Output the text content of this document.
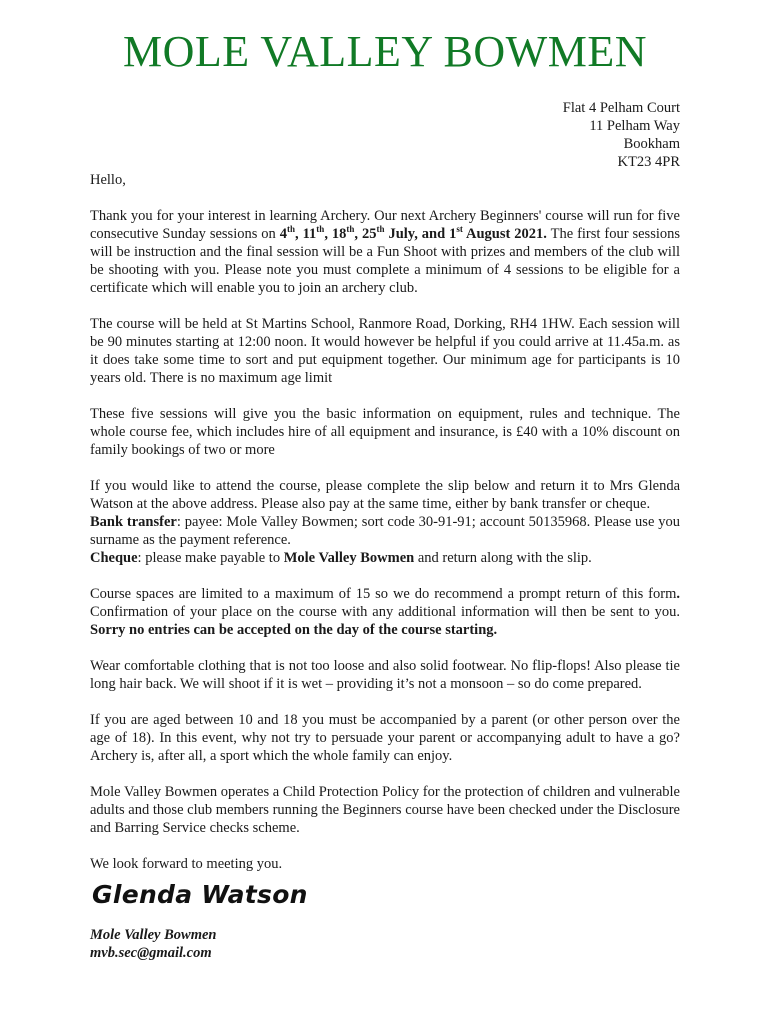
MOLE VALLEY BOWMEN
Flat 4 Pelham Court
11 Pelham Way
Bookham
KT23 4PR

Hello,

Thank you for your interest in learning Archery. Our next Archery Beginners' course will run for five consecutive Sunday sessions on 4th, 11th, 18th, 25th July, and 1st August 2021. The first four sessions will be instruction and the final session will be a Fun Shoot with prizes and members of the club will be shooting with you. Please note you must complete a minimum of 4 sessions to be eligible for a certificate which will enable you to join an archery club.

The course will be held at St Martins School, Ranmore Road, Dorking, RH4 1HW. Each session will be 90 minutes starting at 12:00 noon. It would however be helpful if you could arrive at 11.45a.m. as it does take some time to sort and put equipment together. Our minimum age for participants is 10 years old. There is no maximum age limit

These five sessions will give you the basic information on equipment, rules and technique. The whole course fee, which includes hire of all equipment and insurance, is £40 with a 10% discount on family bookings of two or more

If you would like to attend the course, please complete the slip below and return it to Mrs Glenda Watson at the above address. Please also pay at the same time, either by bank transfer or cheque.

Bank transfer: payee: Mole Valley Bowmen; sort code 30-91-91; account 50135968. Please use you surname as the payment reference.

Cheque: please make payable to Mole Valley Bowmen and return along with the slip.

Course spaces are limited to a maximum of 15 so we do recommend a prompt return of this form. Confirmation of your place on the course with any additional information will then be sent to you. Sorry no entries can be accepted on the day of the course starting.

Wear comfortable clothing that is not too loose and also solid footwear. No flip-flops! Also please tie long hair back. We will shoot if it is wet – providing it’s not a monsoon – so do come prepared.

If you are aged between 10 and 18 you must be accompanied by a parent (or other person over the age of 18). In this event, why not try to persuade your parent or accompanying adult to have a go? Archery is, after all, a sport which the whole family can enjoy.

Mole Valley Bowmen operates a Child Protection Policy for the protection of children and vulnerable adults and those club members running the Beginners course have been checked under the Disclosure and Barring Service checks scheme.

We look forward to meeting you.

Glenda Watson
Mole Valley Bowmen
mvb.sec@gmail.com
